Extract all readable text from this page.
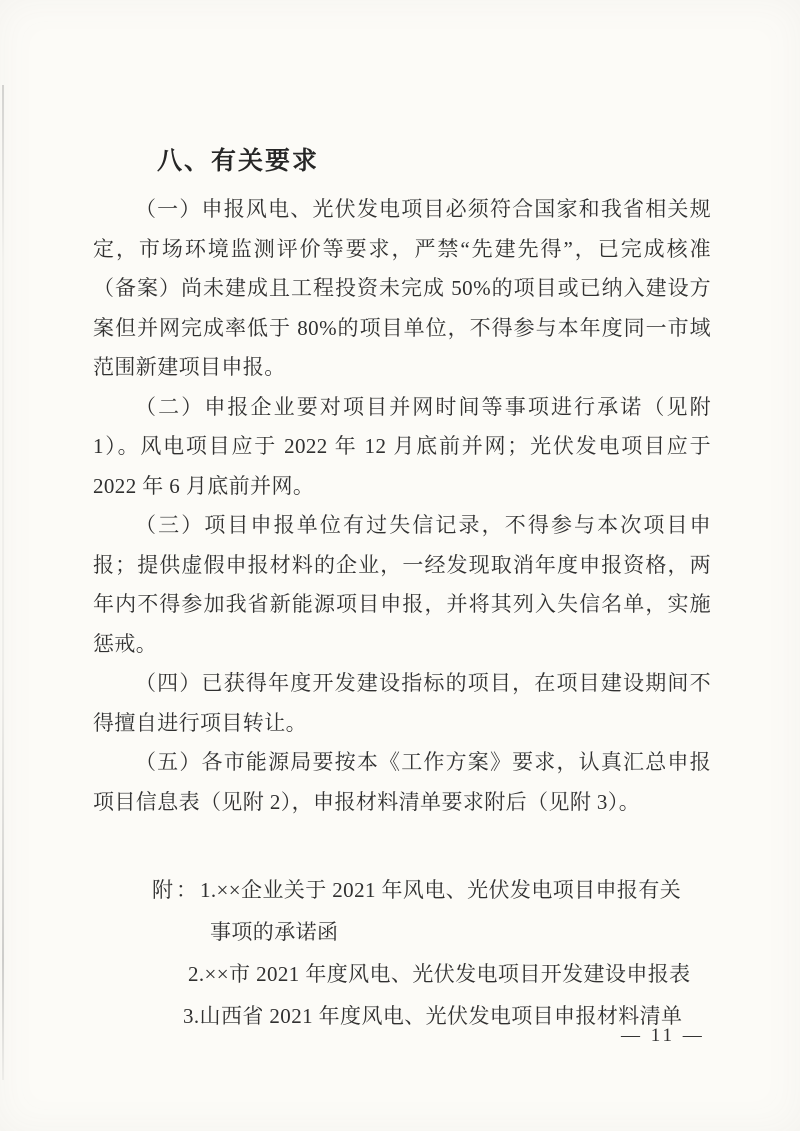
八、有关要求

（一）申报风电、光伏发电项目必须符合国家和我省相关规定，市场环境监测评价等要求，严禁“先建先得”，已完成核准（备案）尚未建成且工程投资未完成 50%的项目或已纳入建设方案但并网完成率低于 80%的项目单位，不得参与本年度同一市域范围新建项目申报。

（二）申报企业要对项目并网时间等事项进行承诺（见附 1）。风电项目应于 2022 年 12 月底前并网；光伏发电项目应于 2022 年 6 月底前并网。

（三）项目申报单位有过失信记录，不得参与本次项目申报；提供虚假申报材料的企业，一经发现取消年度申报资格，两年内不得参加我省新能源项目申报，并将其列入失信名单，实施惩戒。

（四）已获得年度开发建设指标的项目，在项目建设期间不得擅自进行项目转让。

（五）各市能源局要按本《工作方案》要求，认真汇总申报项目信息表（见附 2），申报材料清单要求附后（见附 3）。

附：1.××企业关于 2021 年风电、光伏发电项目申报有关
事项的承诺函
2.××市 2021 年度风电、光伏发电项目开发建设申报表
3.山西省 2021 年度风电、光伏发电项目申报材料清单
— 11 —
